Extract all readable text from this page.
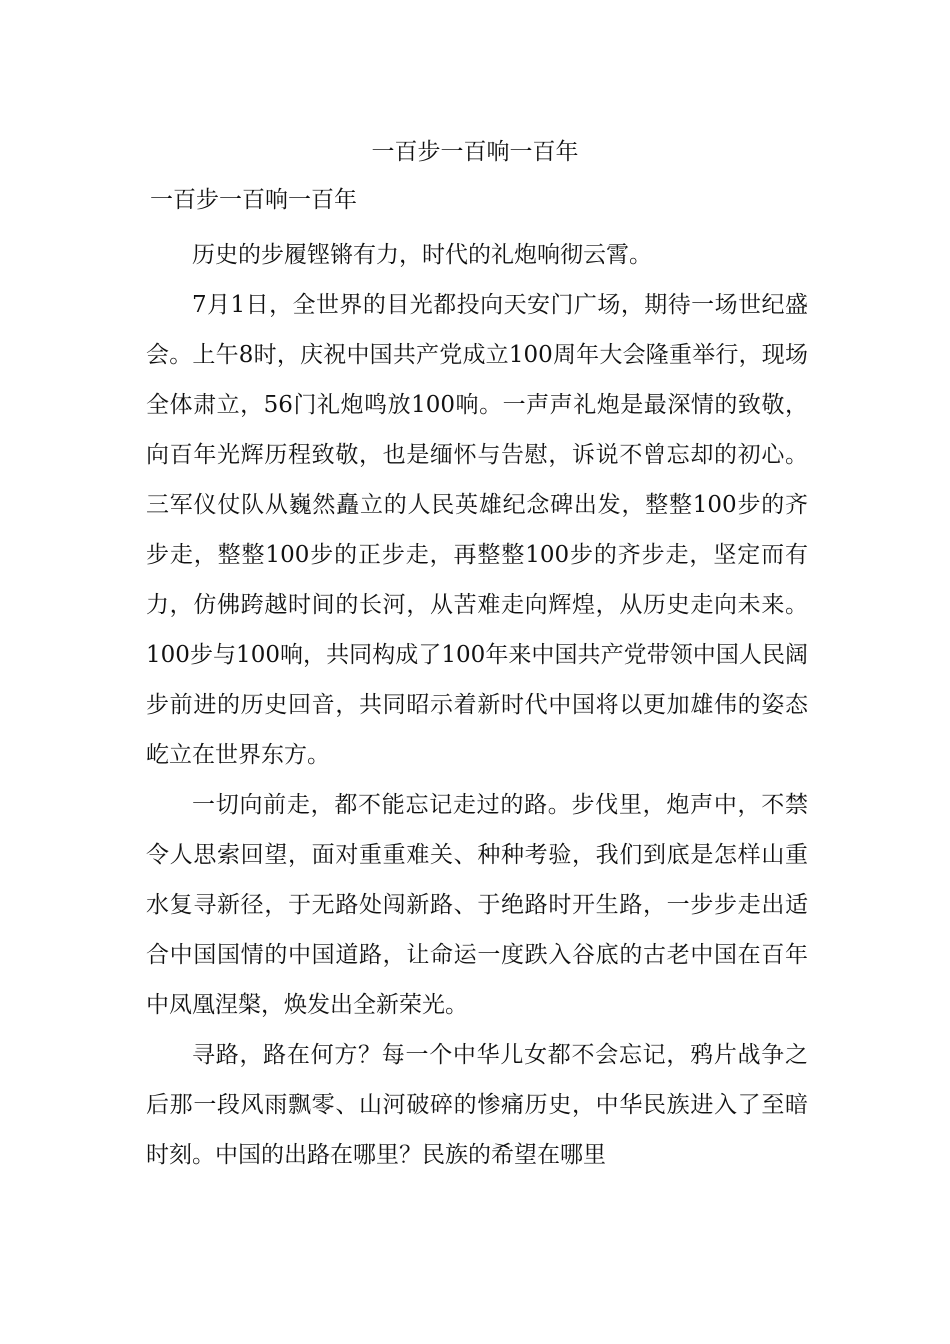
一百步一百响一百年
一百步一百响一百年

历史的步履铿锵有力，时代的礼炮响彻云霄。

7月1日，全世界的目光都投向天安门广场，期待一场世纪盛会。上午8时，庆祝中国共产党成立100周年大会隆重举行，现场全体肃立，56门礼炮鸣放100响。一声声礼炮是最深情的致敬，向百年光辉历程致敬，也是缅怀与告慰，诉说不曾忘却的初心。三军仪仗队从巍然矗立的人民英雄纪念碑出发，整整100步的齐步走，整整100步的正步走，再整整100步的齐步走，坚定而有力，仿佛跨越时间的长河，从苦难走向辉煌，从历史走向未来。100步与100响，共同构成了100年来中国共产党带领中国人民阔步前进的历史回音，共同昭示着新时代中国将以更加雄伟的姿态屹立在世界东方。

一切向前走，都不能忘记走过的路。步伐里，炮声中，不禁令人思索回望，面对重重难关、种种考验，我们到底是怎样山重水复寻新径，于无路处闯新路、于绝路时开生路，一步步走出适合中国国情的中国道路，让命运一度跌入谷底的古老中国在百年中凤凰涅槃，焕发出全新荣光。

寻路，路在何方？每一个中华儿女都不会忘记，鸦片战争之后那一段风雨飘零、山河破碎的惨痛历史，中华民族进入了至暗时刻。中国的出路在哪里？民族的希望在哪里
